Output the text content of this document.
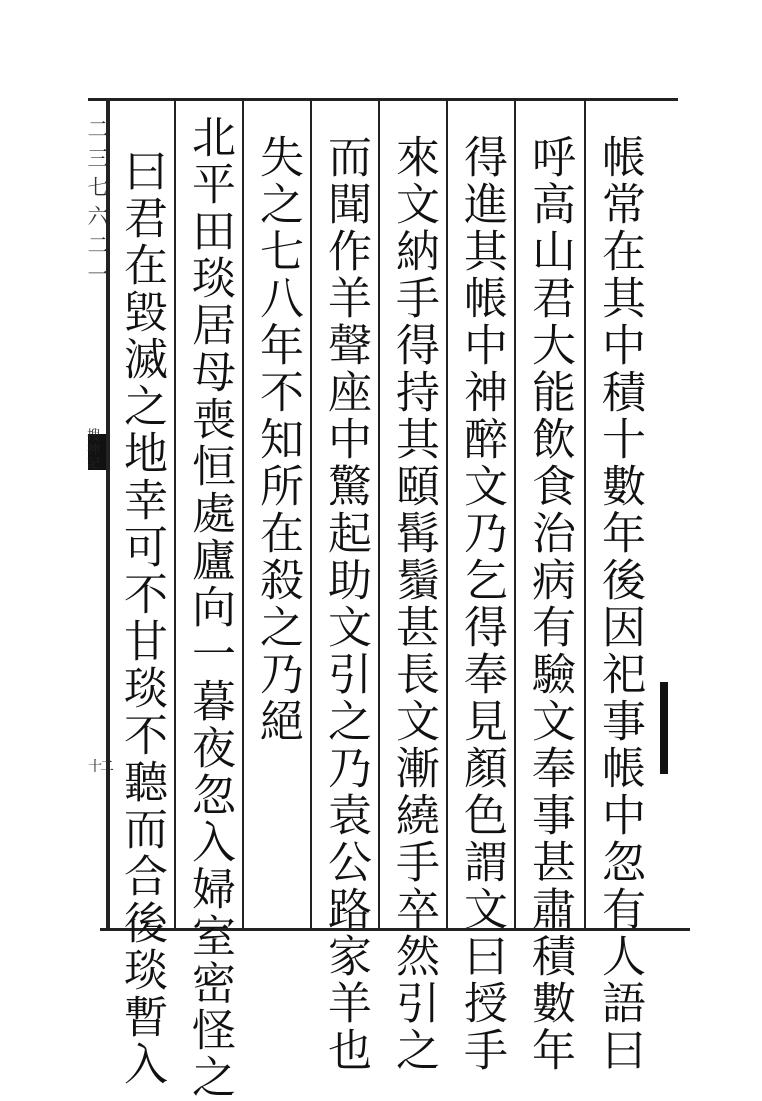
二三七六二一
搜神記
十二	帳常在其中積十數年後因祀事帳中忽有人語曰
呼高山君大能飲食治病有驗文奉事甚肅積數年
得進其帳中神醉文乃乞得奉見顏色謂文曰授手
來文納手得持其頤髯鬚甚長文漸繞手卒然引之
而聞作羊聲座中驚起助文引之乃袁公路家羊也
失之七八年不知所在殺之乃絕
北平田琰居母喪恒處廬向一暮夜忽入婦室密怪之
曰君在毀滅之地幸可不甘琰不聽而合後琰暫入
